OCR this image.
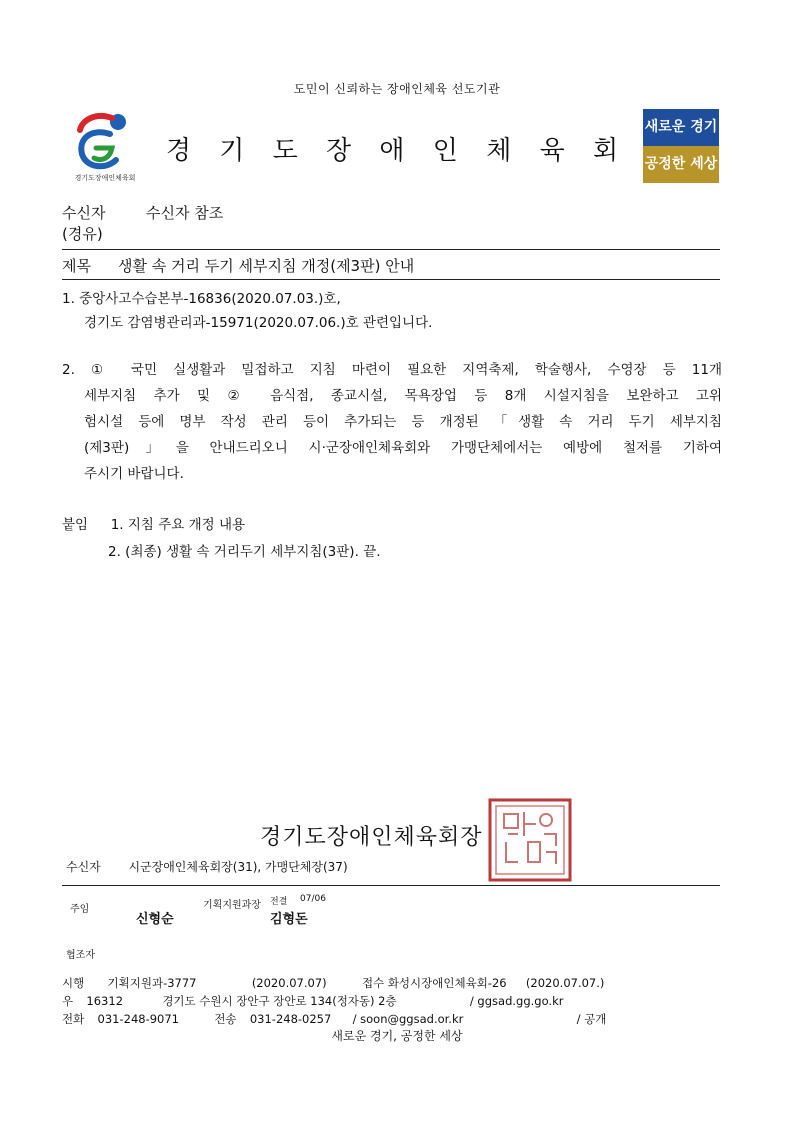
도민이 신뢰하는 장애인체육 선도기관
경기도장애인체육회
경 기 도 장 애 인 체 육 회
새로운 경기
공정한 세상
수신자	수신자 참조
(경유)
제목 생활 속 거리 두기 세부지침 개정(제3판) 안내
1. 중앙사고수습본부-16836(2020.07.03.)호,
경기도 감염병관리과-15971(2020.07.06.)호 관련입니다.
2. ① 국민 실생활과 밀접하고 지침 마련이 필요한 지역축제, 학술행사, 수영장 등 11개
세부지침 추가 및 ② 음식점, 종교시설, 목욕장업 등 8개 시설지침을 보완하고 고위
험시설 등에 명부 작성 관리 등이 추가되는 등 개정된 「생활 속 거리 두기 세부지침
(제3판)」을 안내드리오니 시·군장애인체육회와 가맹단체에서는 예방에 철저를 기하여
주시기 바랍니다.
붙임 1. 지침 주요 개정 내용
2. (최종) 생활 속 거리두기 세부지침(3판). 끝.
경기도장애인체육회장
수신자 시군장애인체육회장(31), 가맹단체장(37)
주임
신형순
기획지원과장	전결 07/06
김형돈
협조자
시행 기획지원과-3777	(2020.07.07)	접수 화성시장애인체육회-26 (2020.07.07.)
우 16312	경기도 수원시 장안구 장안로 134(정자동) 2층	/ ggsad.gg.go.kr
전화 031-248-9071	전송 031-248-0257 / soon@ggsad.or.kr	/ 공개
새로운 경기, 공정한 세상
